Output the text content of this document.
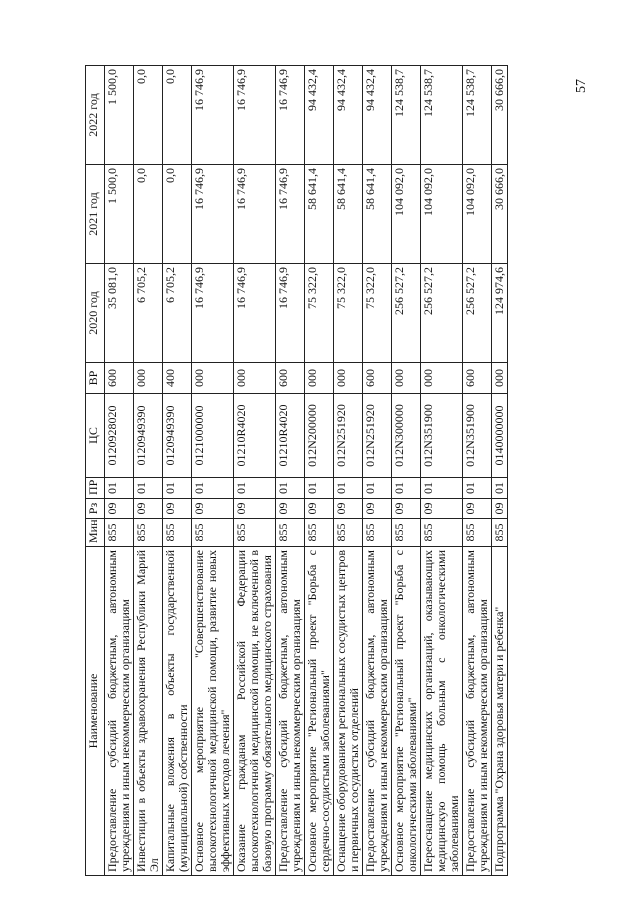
57
Наименование	Мин	Рз	ПР	ЦС	ВР	2020 год	2021 год	2022 год
Предоставление субсидий бюджетным, автономным учреждениям и иным некоммерческим организациям	855	09	01	0120928020	600	35 081,0	1 500,0	1 500,0
Инвестиции в объекты здравоохранения Республики Марий Эл	855	09	01	0120949390	000	6 705,2	0,0	0,0
Капитальные вложения в объекты государственной (муниципальной) собственности	855	09	01	0120949390	400	6 705,2	0,0	0,0
Основное мероприятие "Совершенствование высокотехнологичной медицинской помощи, развитие новых эффективных методов лечения"	855	09	01	0121000000	000	16 746,9	16 746,9	16 746,9
Оказание гражданам Российской Федерации высокотехнологичной медицинской помощи, не включенной в базовую программу обязательного медицинского страхования	855	09	01	01210R4020	000	16 746,9	16 746,9	16 746,9
Предоставление субсидий бюджетным, автономным учреждениям и иным некоммерческим организациям	855	09	01	01210R4020	600	16 746,9	16 746,9	16 746,9
Основное мероприятие "Региональный проект "Борьба с сердечно-сосудистыми заболеваниями"	855	09	01	012N200000	000	75 322,0	58 641,4	94 432,4
Оснащение оборудованием региональных сосудистых центров и первичных сосудистых отделений	855	09	01	012N251920	000	75 322,0	58 641,4	94 432,4
Предоставление субсидий бюджетным, автономным учреждениям и иным некоммерческим организациям	855	09	01	012N251920	600	75 322,0	58 641,4	94 432,4
Основное мероприятие "Региональный проект "Борьба с онкологическими заболеваниями"	855	09	01	012N300000	000	256 527,2	104 092,0	124 538,7
Переоснащение медицинских организаций, оказывающих медицинскую помощь больным с онкологическими заболеваниями	855	09	01	012N351900	000	256 527,2	104 092,0	124 538,7
Предоставление субсидий бюджетным, автономным учреждениям и иным некоммерческим организациям	855	09	01	012N351900	600	256 527,2	104 092,0	124 538,7
Подпрограмма "Охрана здоровья матери и ребенка"	855	09	01	0140000000	000	124 974,6	30 666,0	30 666,0
